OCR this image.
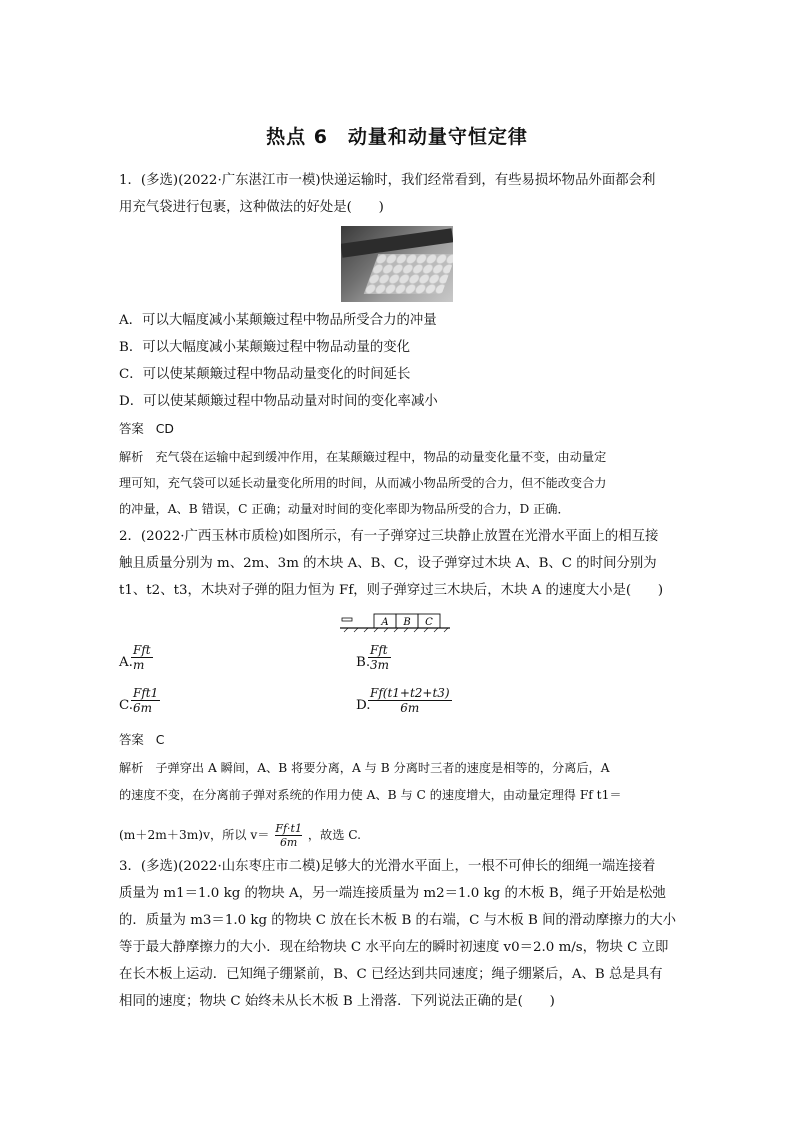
热点 6　动量和动量守恒定律
1．(多选)(2022·广东湛江市一模)快递运输时，我们经常看到，有些易损坏物品外面都会利
用充气袋进行包裹，这种做法的好处是(　　)
A．可以大幅度减小某颠簸过程中物品所受合力的冲量
B．可以大幅度减小某颠簸过程中物品动量的变化
C．可以使某颠簸过程中物品动量变化的时间延长
D．可以使某颠簸过程中物品动量对时间的变化率减小
答案 CD
解析 充气袋在运输中起到缓冲作用，在某颠簸过程中，物品的动量变化量不变，由动量定
理可知，充气袋可以延长动量变化所用的时间，从而减小物品所受的合力，但不能改变合力
的冲量，A、B 错误，C 正确；动量对时间的变化率即为物品所受的合力，D 正确．
2．(2022·广西玉林市质检)如图所示，有一子弹穿过三块静止放置在光滑水平面上的相互接
触且质量分别为 m、2m、3m 的木块 A、B、C，设子弹穿过木块 A、B、C 的时间分别为
t1、t2、t3，木块对子弹的阻力恒为 Ff，则子弹穿过三木块后，木块 A 的速度大小是(　　)
A B C
A.
Fft
m	B.
Fft
3m
C.
Fft1
6m	D.
Ff(t1+t2+t3)
6m
答案 C
解析 子弹穿出 A 瞬间，A、B 将要分离，A 与 B 分离时三者的速度是相等的，分离后，A
的速度不变，在分离前子弹对系统的作用力使 A、B 与 C 的速度增大，由动量定理得 Ff t1＝
(m＋2m＋3m)v，所以 $v= \frac{Ff\cdot t1}{6m}$ ，故选 C.
3．(多选)(2022·山东枣庄市二模)足够大的光滑水平面上，一根不可伸长的细绳一端连接着
质量为 m1＝1.0 kg 的物块 A，另一端连接质量为 m2＝1.0 kg 的木板 B，绳子开始是松弛
的．质量为 m3＝1.0 kg 的物块 C 放在长木板 B 的右端，C 与木板 B 间的滑动摩擦力的大小
等于最大静摩擦力的大小．现在给物块 C 水平向左的瞬时初速度 v0＝2.0 m/s，物块 C 立即
在长木板上运动．已知绳子绷紧前，B、C 已经达到共同速度；绳子绷紧后，A、B 总是具有
相同的速度；物块 C 始终未从长木板 B 上滑落．下列说法正确的是(　　)
